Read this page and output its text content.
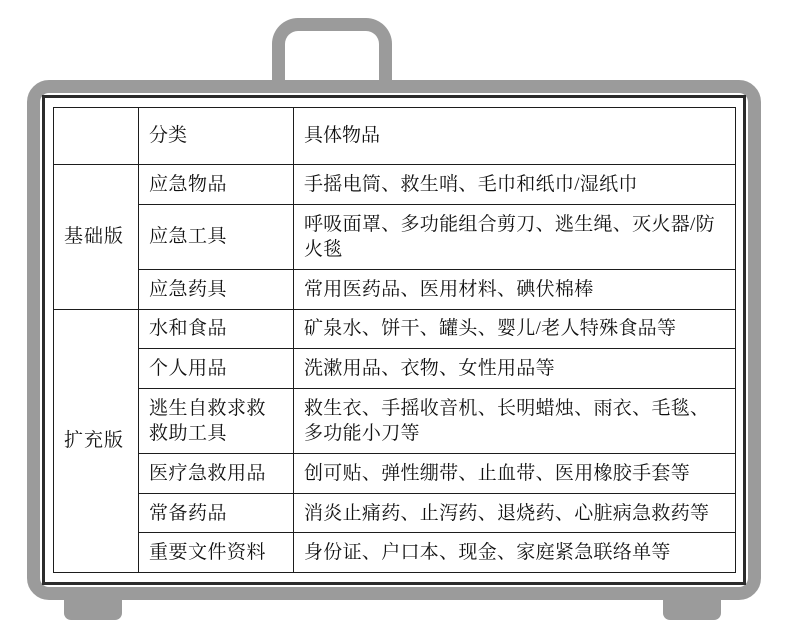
	分类	具体物品
基础版	应急物品	手摇电筒、救生哨、毛巾和纸巾/湿纸巾
	应急工具	呼吸面罩、多功能组合剪刀、逃生绳、灭火器/防火毯
	应急药具	常用医药品、医用材料、碘伏棉棒
扩充版	水和食品	矿泉水、饼干、罐头、婴儿/老人特殊食品等
	个人用品	洗漱用品、衣物、女性用品等
	逃生自救求救救助工具	救生衣、手摇收音机、长明蜡烛、雨衣、毛毯、多功能小刀等
	医疗急救用品	创可贴、弹性绷带、止血带、医用橡胶手套等
	常备药品	消炎止痛药、止泻药、退烧药、心脏病急救药等
	重要文件资料	身份证、户口本、现金、家庭紧急联络单等
